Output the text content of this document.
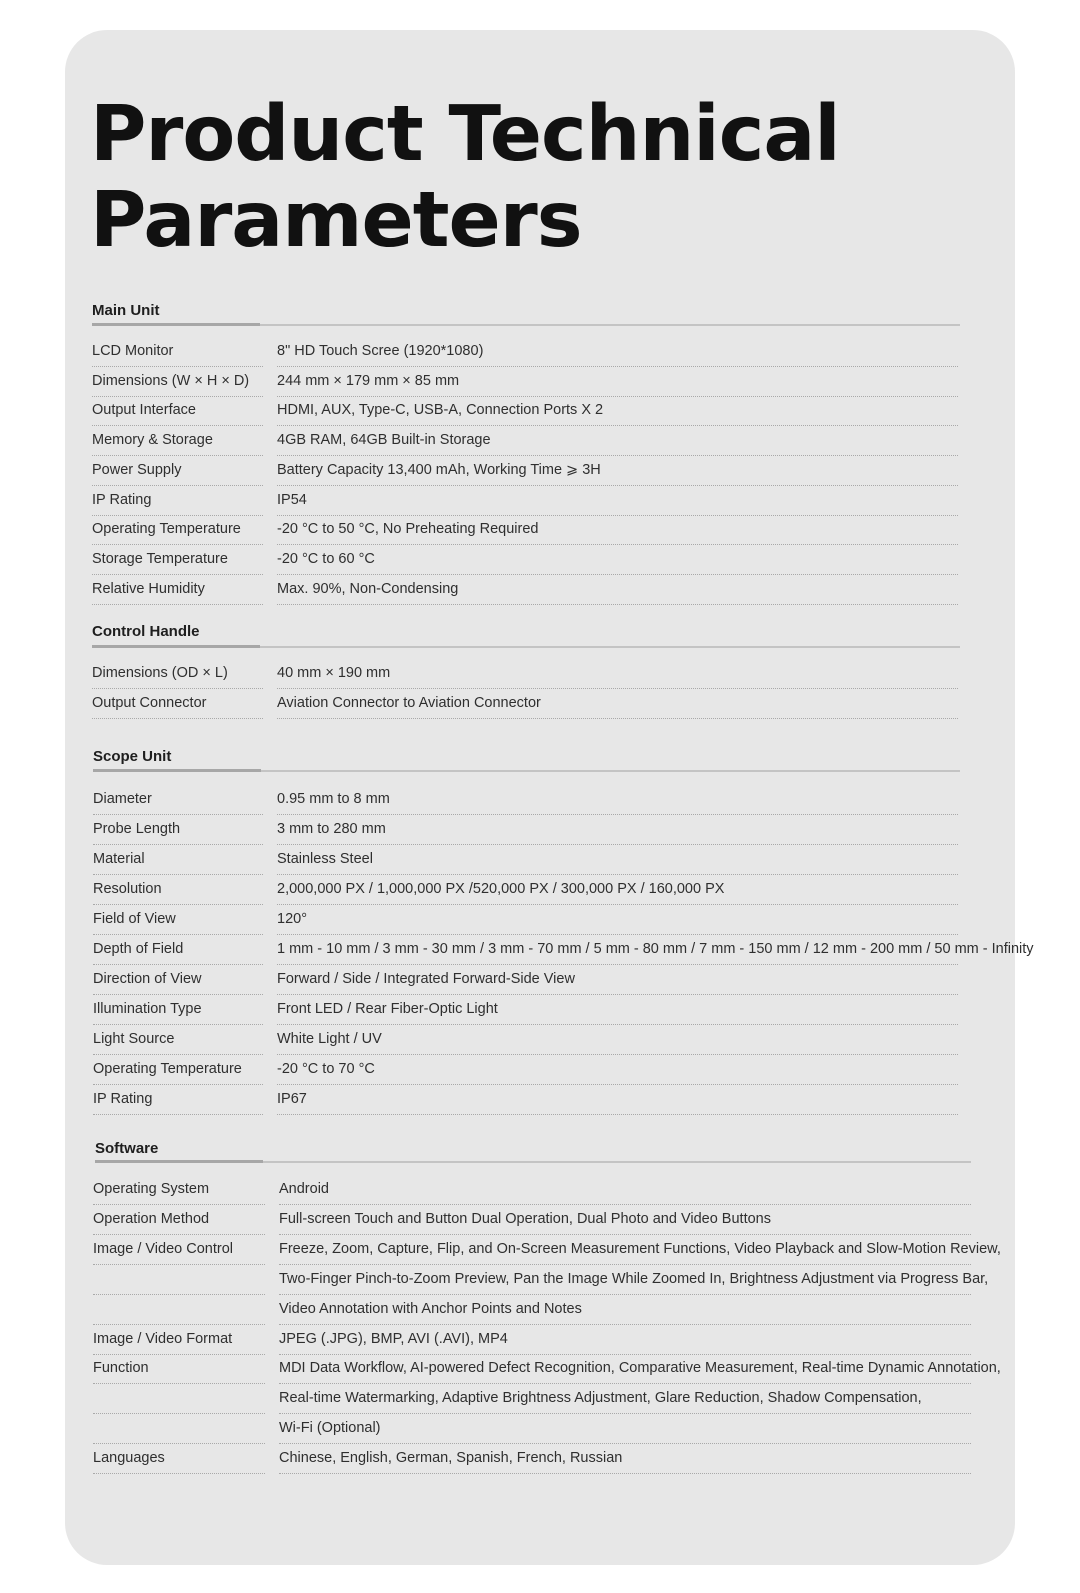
Product Technical
Parameters
Main Unit
LCD Monitor	8" HD Touch Scree (1920*1080)
Dimensions (W × H × D) 244 mm × 179 mm × 85 mm
Output Interface	HDMI, AUX, Type-C, USB-A, Connection Ports X 2
Memory & Storage	4GB RAM, 64GB Built-in Storage
Power Supply	Battery Capacity 13,400 mAh, Working Time ⩾ 3H
IP Rating	IP54
Operating Temperature -20 °C to 50 °C, No Preheating Required
Storage Temperature	-20 °C to 60 °C
Relative Humidity	Max. 90%, Non-Condensing
Control Handle
Dimensions (OD × L)	40 mm × 190 mm
Output Connector	Aviation Connector to Aviation Connector
Scope Unit
Diameter	0.95 mm to 8 mm
Probe Length	3 mm to 280 mm
Material	Stainless Steel
Resolution	2,000,000 PX / 1,000,000 PX /520,000 PX / 300,000 PX / 160,000 PX
Field of View	120°
Depth of Field	1 mm - 10 mm / 3 mm - 30 mm / 3 mm - 70 mm / 5 mm - 80 mm / 7 mm - 150 mm / 12 mm - 200 mm / 50 mm - Infinity
Direction of View	Forward / Side / Integrated Forward-Side View
Illumination Type	Front LED / Rear Fiber-Optic Light
Light Source	White Light / UV
Operating Temperature -20 °C to 70 °C
IP Rating	IP67
Software
Operating System	Android
Operation Method	Full-screen Touch and Button Dual Operation, Dual Photo and Video Buttons
Image / Video Control	Freeze, Zoom, Capture, Flip, and On-Screen Measurement Functions, Video Playback and Slow-Motion Review,
Two-Finger Pinch-to-Zoom Preview, Pan the Image While Zoomed In, Brightness Adjustment via Progress Bar,
Video Annotation with Anchor Points and Notes
Image / Video Format	JPEG (.JPG), BMP, AVI (.AVI), MP4
Function	MDI Data Workflow, AI-powered Defect Recognition, Comparative Measurement, Real-time Dynamic Annotation,
Real-time Watermarking, Adaptive Brightness Adjustment, Glare Reduction, Shadow Compensation,
Wi-Fi (Optional)
Languages	Chinese, English, German, Spanish, French, Russian
